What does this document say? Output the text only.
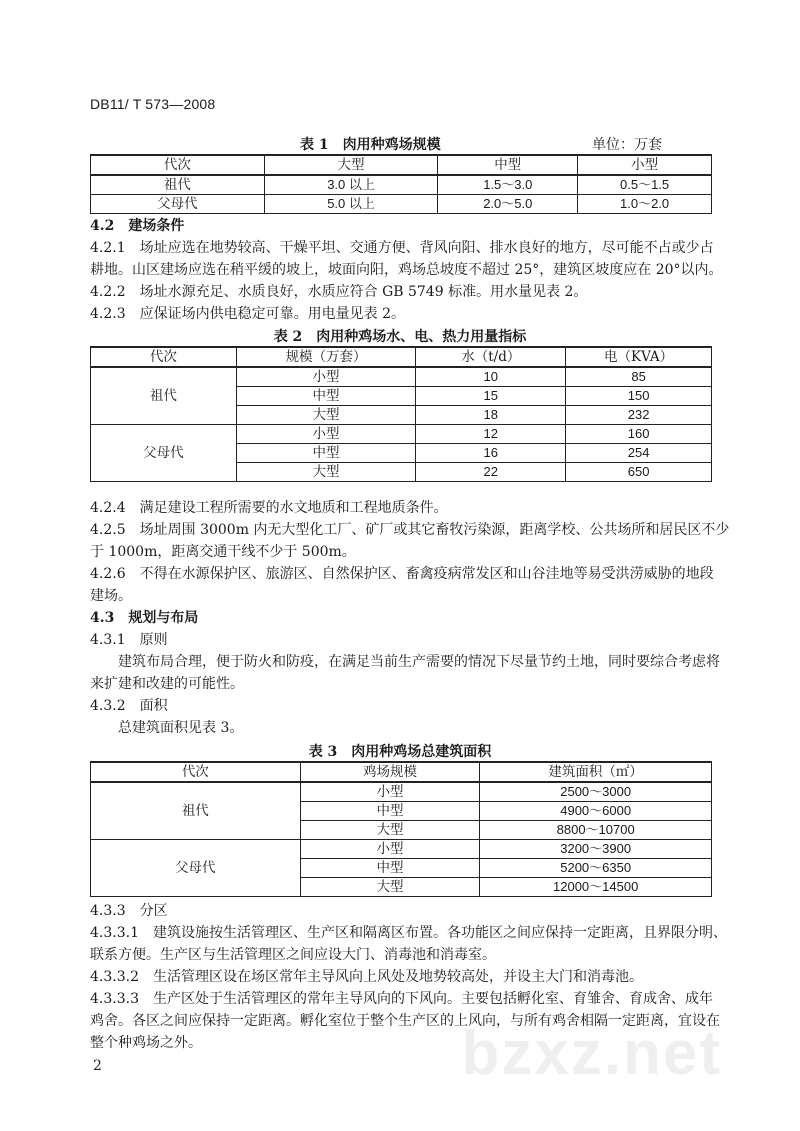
DB11/ T 573—2008
表 1　肉用种鸡场规模	单位：万套
代次	大型	中型	小型
祖代	3.0 以上	1.5～3.0	0.5～1.5
父母代	5.0 以上	2.0～5.0	1.0～2.0
4.2　建场条件
4.2.1　场址应选在地势较高、干燥平坦、交通方便、背风向阳、排水良好的地方，尽可能不占或少占
耕地。山区建场应选在稍平缓的坡上，坡面向阳，鸡场总坡度不超过 25°，建筑区坡度应在 20°以内。
4.2.2　场址水源充足、水质良好，水质应符合 GB 5749 标准。用水量见表 2。
4.2.3　应保证场内供电稳定可靠。用电量见表 2。
表 2　肉用种鸡场水、电、热力用量指标
代次	规模（万套）	水（t/d）	电（KVA）
祖代	小型	10	85
	中型	15	150
	大型	18	232
父母代	小型	12	160
	中型	16	254
	大型	22	650
4.2.4　满足建设工程所需要的水文地质和工程地质条件。
4.2.5　场址周围 3000m 内无大型化工厂、矿厂或其它畜牧污染源，距离学校、公共场所和居民区不少
于 1000m，距离交通干线不少于 500m。
4.2.6　不得在水源保护区、旅游区、自然保护区、畜禽疫病常发区和山谷洼地等易受洪涝威胁的地段
建场。
4.3　规划与布局
4.3.1　原则
建筑布局合理，便于防火和防疫，在满足当前生产需要的情况下尽量节约土地，同时要综合考虑将
来扩建和改建的可能性。
4.3.2　面积
总建筑面积见表 3。
表 3　肉用种鸡场总建筑面积
代次	鸡场规模	建筑面积（㎡）
祖代	小型	2500～3000
	中型	4900～6000
	大型	8800～10700
父母代	小型	3200～3900
	中型	5200～6350
	大型	12000～14500
4.3.3　分区
4.3.3.1　建筑设施按生活管理区、生产区和隔离区布置。各功能区之间应保持一定距离，且界限分明、
联系方便。生产区与生活管理区之间应设大门、消毒池和消毒室。
4.3.3.2　生活管理区设在场区常年主导风向上风处及地势较高处，并设主大门和消毒池。
4.3.3.3　生产区处于生活管理区的常年主导风向的下风向。主要包括孵化室、育雏舍、育成舍、成年
鸡舍。各区之间应保持一定距离。孵化室位于整个生产区的上风向，与所有鸡舍相隔一定距离，宜设在
整个种鸡场之外。	bzxz.net
2
